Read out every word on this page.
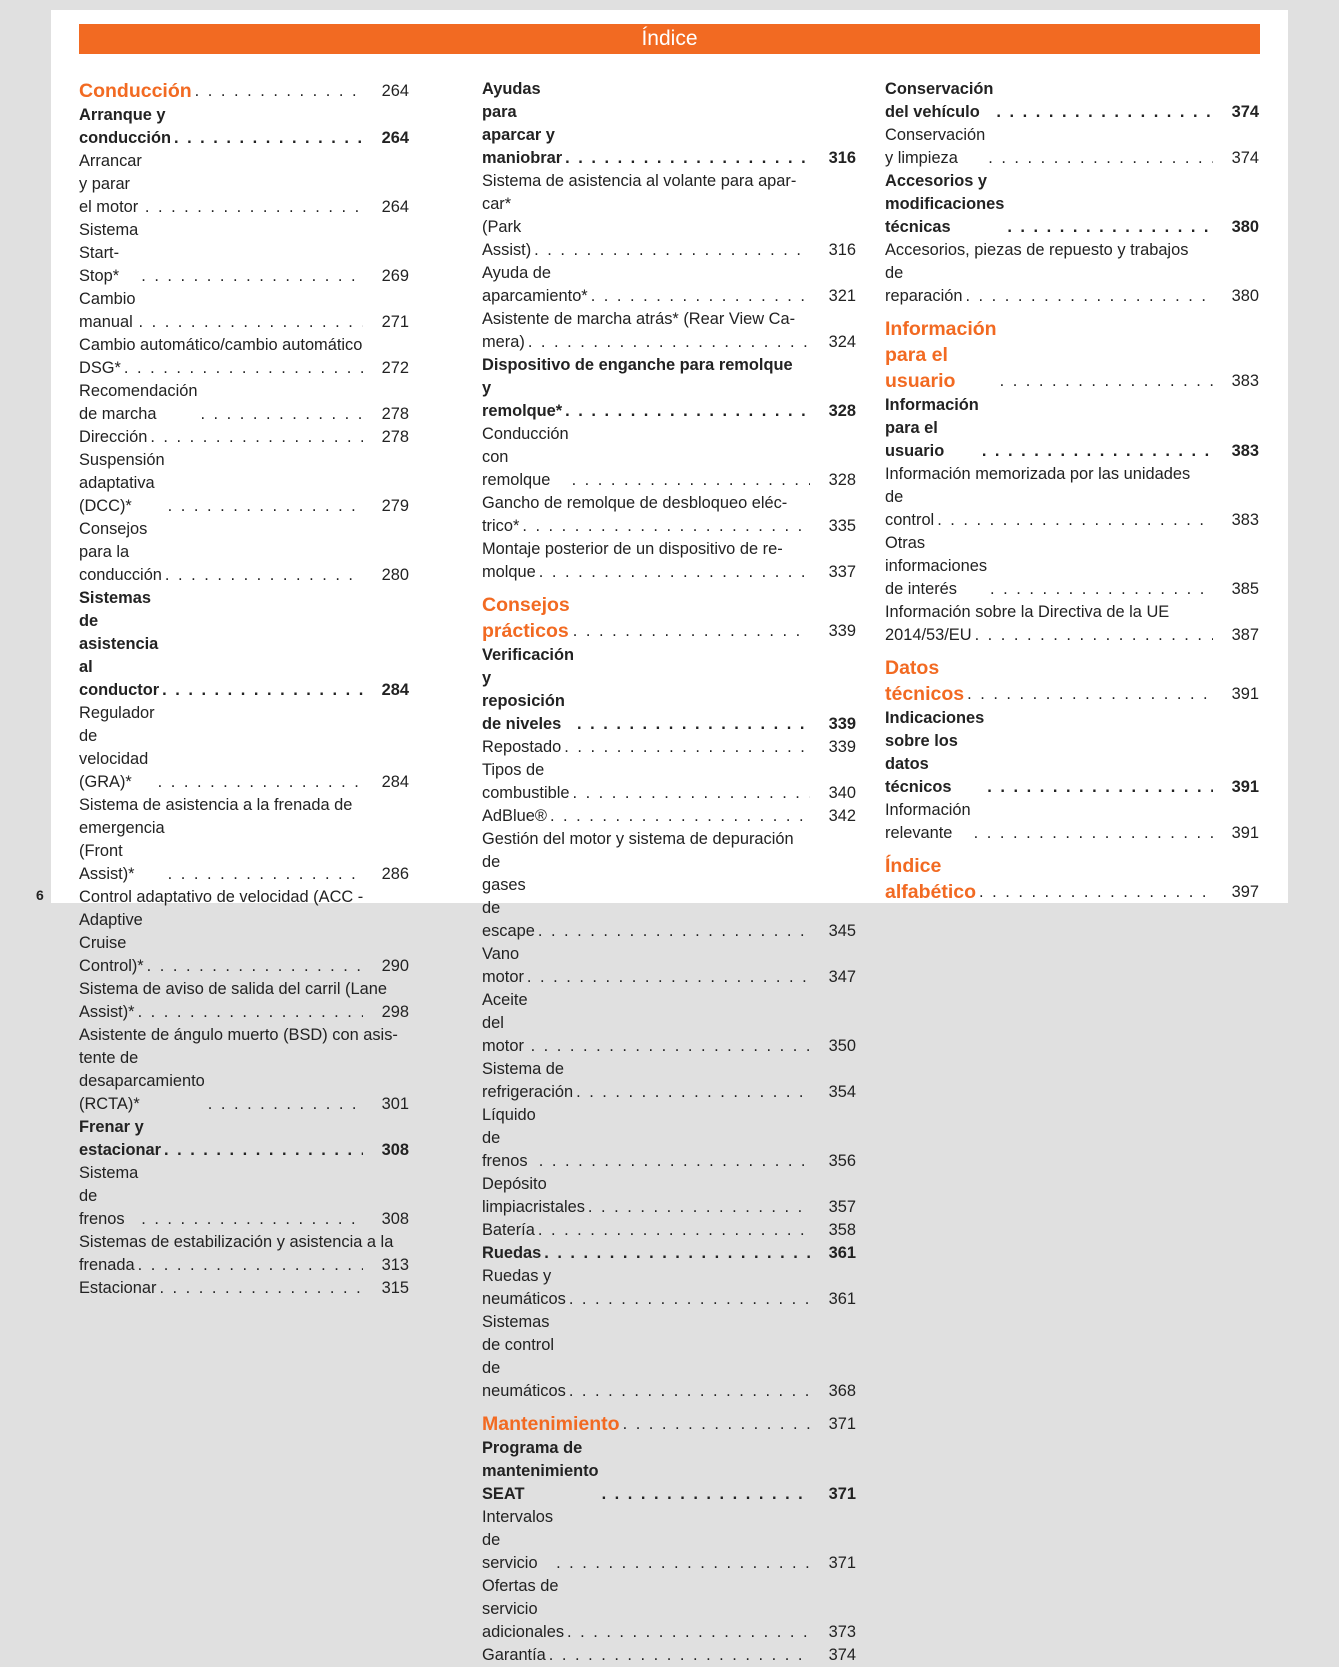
Índice
Conducción . . .	264
Arranque y conducción . . .	264
Arrancar y parar el motor . . .	264
Sistema Start-Stop* . . .	269
Cambio manual . . .	271
Cambio automático/cambio automático
DSG* . . .	272
Recomendación de marcha . . .	278
Dirección . . .	278
Suspensión adaptativa (DCC)* . . .	279
Consejos para la conducción . . .	280
Sistemas de asistencia al conductor . . .	284
Regulador de velocidad (GRA)* . . .	284
Sistema de asistencia a la frenada de
emergencia (Front Assist)* . . .	286
Control adaptativo de velocidad (ACC -
Adaptive Cruise Control)* . . .	290
Sistema de aviso de salida del carril (Lane
Assist)* . . .	298
Asistente de ángulo muerto (BSD) con asis-
tente de desaparcamiento (RCTA)* . . .	301
Frenar y estacionar . . .	308
Sistema de frenos . . .	308
Sistemas de estabilización y asistencia a la
frenada . . .	313
Estacionar . . .	315
Ayudas para aparcar y maniobrar . . .	316
Sistema de asistencia al volante para apar-
car* (Park Assist) . . .	316
Ayuda de aparcamiento* . . .	321
Asistente de marcha atrás* (Rear View Ca-
mera) . . .	324
Dispositivo de enganche para remolque
y remolque* . . .	328
Conducción con remolque . . .	328
Gancho de remolque de desbloqueo eléc-
trico* . . .	335
Montaje posterior de un dispositivo de re-
molque . . .	337
Consejos prácticos . . .	339
Verificación y reposición de niveles . . .	339
Repostado . . .	339
Tipos de combustible . . .	340
AdBlue® . . .	342
Gestión del motor y sistema de depuración
de gases de escape . . .	345
Vano motor . . .	347
Aceite del motor . . .	350
Sistema de refrigeración . . .	354
Líquido de frenos . . .	356
Depósito limpiacristales . . .	357
Batería . . .	358
Ruedas . . .	361
Ruedas y neumáticos . . .	361
Sistemas de control de neumáticos . . .	368
Mantenimiento . . .	371
Programa de mantenimiento SEAT . . .	371
Intervalos de servicio . . .	371
Ofertas de servicio adicionales . . .	373
Garantía . . .	374
Conservación del vehículo . . .	374
Conservación y limpieza . . .	374
Accesorios y modificaciones técnicas . . .	380
Accesorios, piezas de repuesto y trabajos
de reparación . . .	380
Información para el usuario . . .	383
Información para el usuario . . .	383
Información memorizada por las unidades
de control . . .	383
Otras informaciones de interés . . .	385
Información sobre la Directiva de la UE
2014/53/EU . . .	387
Datos técnicos . . .	391
Indicaciones sobre los datos técnicos . . .	391
Información relevante . . .	391
Índice alfabético . . .	397
6
